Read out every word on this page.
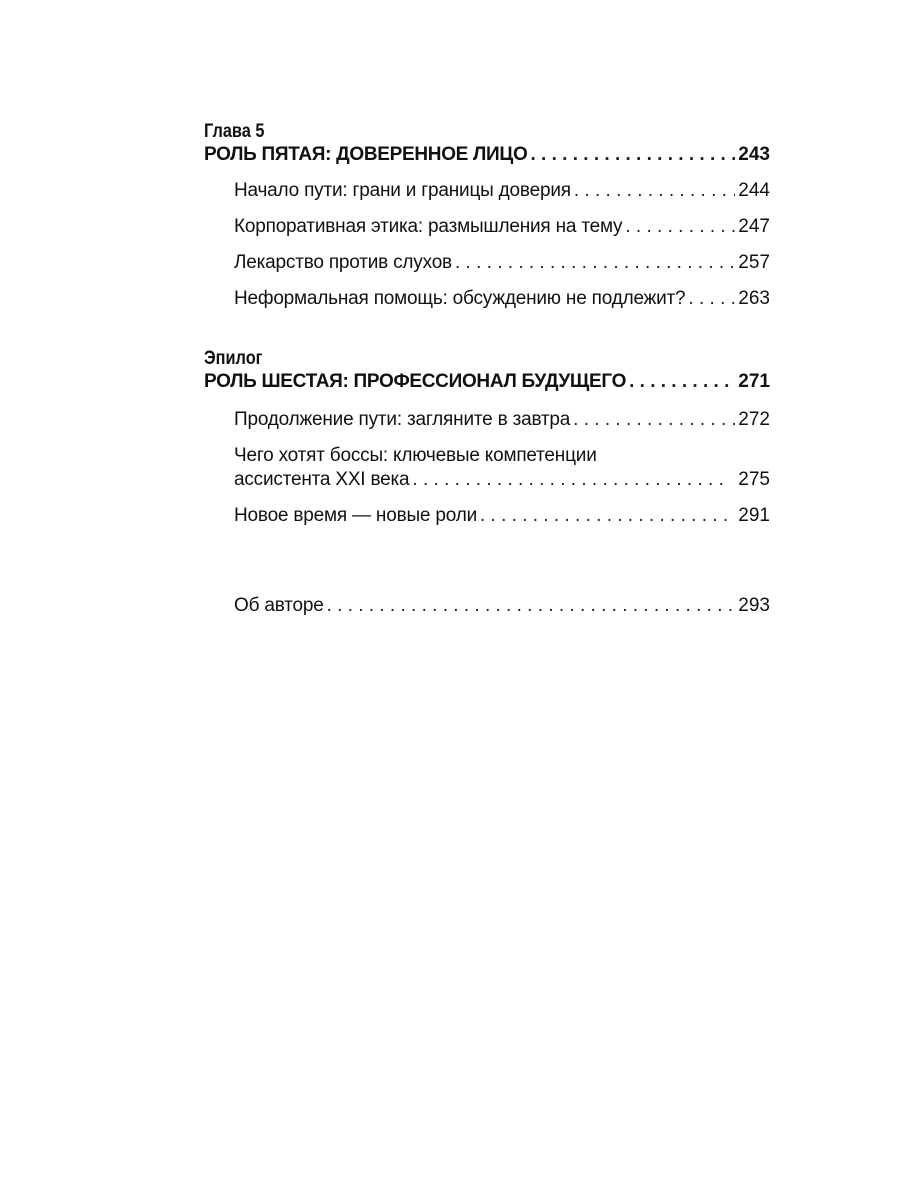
Глава 5
РОЛЬ ПЯТАЯ: ДОВЕРЕННОЕ ЛИЦО . . .	243
Начало пути: грани и границы доверия . . .	244
Корпоративная этика: размышления на тему . . .	247
Лекарство против слухов . . .	257
Неформальная помощь: обсуждению не подлежит? . . .	263
Эпилог
РОЛЬ ШЕСТАЯ: ПРОФЕССИОНАЛ БУДУЩЕГО . . .	271
Продолжение пути: загляните в завтра . . .	272
Чего хотят боссы: ключевые компетенции
ассистента XXI века . . .	275
Новое время — новые роли . . .	291
Об авторе . . .	293
